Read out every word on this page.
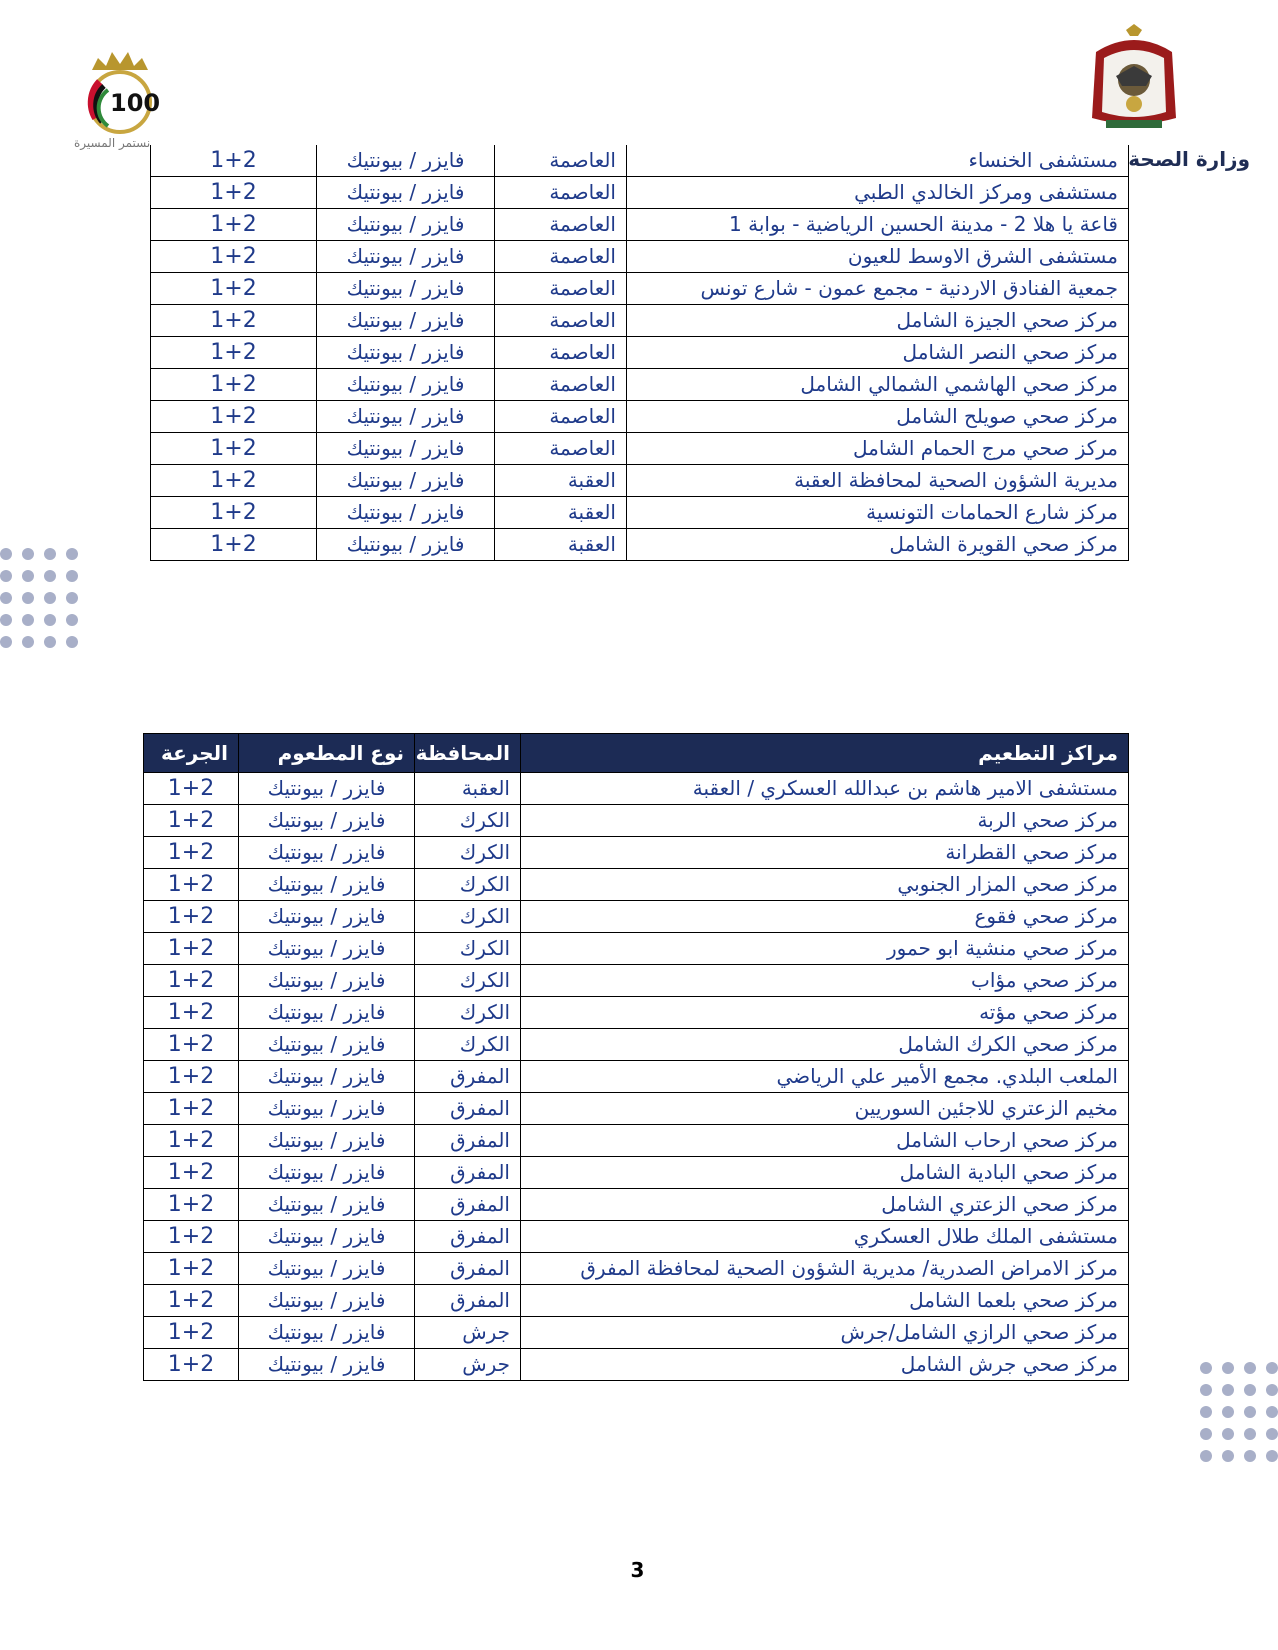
100
نستمر المسيرة
وزارة الصحة
مستشفى الخنساء	العاصمة	فايزر / بيونتيك	1+2
مستشفى ومركز الخالدي الطبي	العاصمة	فايزر / بيونتيك	1+2
قاعة يا هلا 2 - مدينة الحسين الرياضية - بوابة 1	العاصمة	فايزر / بيونتيك	1+2
مستشفى الشرق الاوسط للعيون	العاصمة	فايزر / بيونتيك	1+2
جمعية الفنادق الاردنية - مجمع عمون - شارع تونس	العاصمة	فايزر / بيونتيك	1+2
مركز صحي الجيزة الشامل	العاصمة	فايزر / بيونتيك	1+2
مركز صحي النصر الشامل	العاصمة	فايزر / بيونتيك	1+2
مركز صحي الهاشمي الشمالي الشامل	العاصمة	فايزر / بيونتيك	1+2
مركز صحي صويلح الشامل	العاصمة	فايزر / بيونتيك	1+2
مركز صحي مرج الحمام الشامل	العاصمة	فايزر / بيونتيك	1+2
مديرية الشؤون الصحية لمحافظة العقبة	العقبة	فايزر / بيونتيك	1+2
مركز شارع الحمامات التونسية	العقبة	فايزر / بيونتيك	1+2
مركز صحي القويرة الشامل	العقبة	فايزر / بيونتيك	1+2
مراكز التطعيم	المحافظة	نوع المطعوم	الجرعة
مستشفى الامير هاشم بن عبدالله العسكري / العقبة	العقبة	فايزر / بيونتيك	1+2
مركز صحي الربة	الكرك	فايزر / بيونتيك	1+2
مركز صحي القطرانة	الكرك	فايزر / بيونتيك	1+2
مركز صحي المزار الجنوبي	الكرك	فايزر / بيونتيك	1+2
مركز صحي فقوع	الكرك	فايزر / بيونتيك	1+2
مركز صحي منشية ابو حمور	الكرك	فايزر / بيونتيك	1+2
مركز صحي مؤاب	الكرك	فايزر / بيونتيك	1+2
مركز صحي مؤته	الكرك	فايزر / بيونتيك	1+2
مركز صحي الكرك الشامل	الكرك	فايزر / بيونتيك	1+2
الملعب البلدي. مجمع الأمير علي الرياضي	المفرق	فايزر / بيونتيك	1+2
مخيم الزعتري للاجئين السوريين	المفرق	فايزر / بيونتيك	1+2
مركز صحي ارحاب الشامل	المفرق	فايزر / بيونتيك	1+2
مركز صحي البادية الشامل	المفرق	فايزر / بيونتيك	1+2
مركز صحي الزعتري الشامل	المفرق	فايزر / بيونتيك	1+2
مستشفى الملك طلال العسكري	المفرق	فايزر / بيونتيك	1+2
مركز الامراض الصدرية/ مديرية الشؤون الصحية لمحافظة المفرق	المفرق	فايزر / بيونتيك	1+2
مركز صحي بلعما الشامل	المفرق	فايزر / بيونتيك	1+2
مركز صحي الرازي الشامل/جرش	جرش	فايزر / بيونتيك	1+2
مركز صحي جرش الشامل	جرش	فايزر / بيونتيك	1+2
3
